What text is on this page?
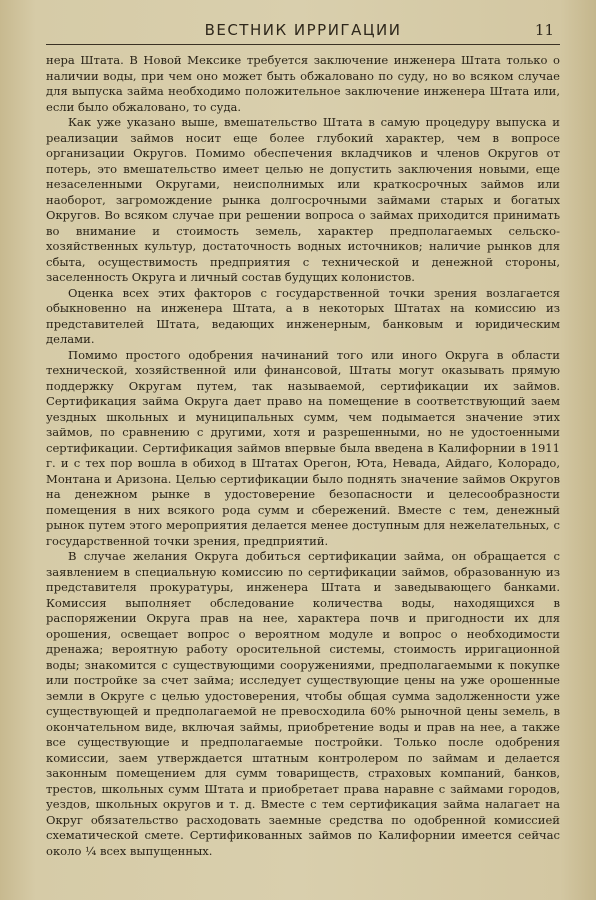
ВЕСТНИК ИРРИГАЦИИ	11

нера Штата. В Новой Мексике требуется заключение инженера Штата только о наличии воды, при чем оно может быть обжаловано по суду, но во всяком случае для выпуска займа необходимо положительное заключение инженера Штата или, если было обжаловано, то суда.

Как уже указано выше, вмешательство Штата в самую процедуру выпуска и реализации займов носит еще более глубокий характер, чем в вопросе организации Округов. Помимо обеспечения вкладчиков и членов Округов от потерь, это вмешательство имеет целью не допустить заключения новыми, еще незаселенными Округами, неисполнимых или краткосрочных займов или наоборот, загромождение рынка долгосрочными займами старых и богатых Округов. Во всяком случае при решении вопроса о займах приходится принимать во внимание и стоимость земель, характер предполагаемых сельско-хозяйственных культур, достаточность водных источников; наличие рынков для сбыта, осуществимость предприятия с технической и денежной стороны, заселенность Округа и личный состав будущих колонистов.

Оценка всех этих факторов с государственной точки зрения возлагается обыкновенно на инженера Штата, а в некоторых Штатах на комиссию из представителей Штата, ведающих инженерным, банковым и юридическим делами.

Помимо простого одобрения начинаний того или иного Округа в области технической, хозяйственной или финансовой, Штаты могут оказывать прямую поддержку Округам путем, так называемой, сертификации их займов. Сертификация займа Округа дает право на помещение в соответствующий заем уездных школьных и муниципальных сумм, чем подымается значение этих займов, по сравнению с другими, хотя и разрешенными, но не удостоенными сертификации. Сертификация займов впервые была введена в Калифорнии в 1911 г. и с тех пор вошла в обиход в Штатах Орегон, Юта, Невада, Айдаго, Колорадо, Монтана и Аризона. Целью сертификации было поднять значение займов Округов на денежном рынке в удостоверение безопасности и целесообразности помещения в них всякого рода сумм и сбережений. Вместе с тем, денежный рынок путем этого мероприятия делается менее доступным для нежелательных, с государственной точки зрения, предприятий.

В случае желания Округа добиться сертификации займа, он обращается с заявлением в специальную комиссию по сертификации займов, образованную из представителя прокуратуры, инженера Штата и заведывающего банками. Комиссия выполняет обследование количества воды, находящихся в распоряжении Округа прав на нее, характера почв и пригодности их для орошения, освещает вопрос о вероятном модуле и вопрос о необходимости дренажа; вероятную работу оросительной системы, стоимость ирригационной воды; знакомится с существующими сооружениями, предполагаемыми к покупке или постройке за счет займа; исследует существующие цены на уже орошенные земли в Округе с целью удостоверения, чтобы общая сумма задолженности уже существующей и предполагаемой не превосходила 60% рыночной цены земель, в окончательном виде, включая займы, приобретение воды и прав на нее, а также все существующие и предполагаемые постройки. Только после одобрения комиссии, заем утверждается штатным контролером по займам и делается законным помещением для сумм товариществ, страховых компаний, банков, трестов, школьных сумм Штата и приобретает права наравне с займами городов, уездов, школьных округов и т. д. Вместе с тем сертификация займа налагает на Округ обязательство расходовать заемные средства по одобренной комиссией схематической смете. Сертификованных займов по Калифорнии имеется сейчас около ¼ всех выпущенных.
